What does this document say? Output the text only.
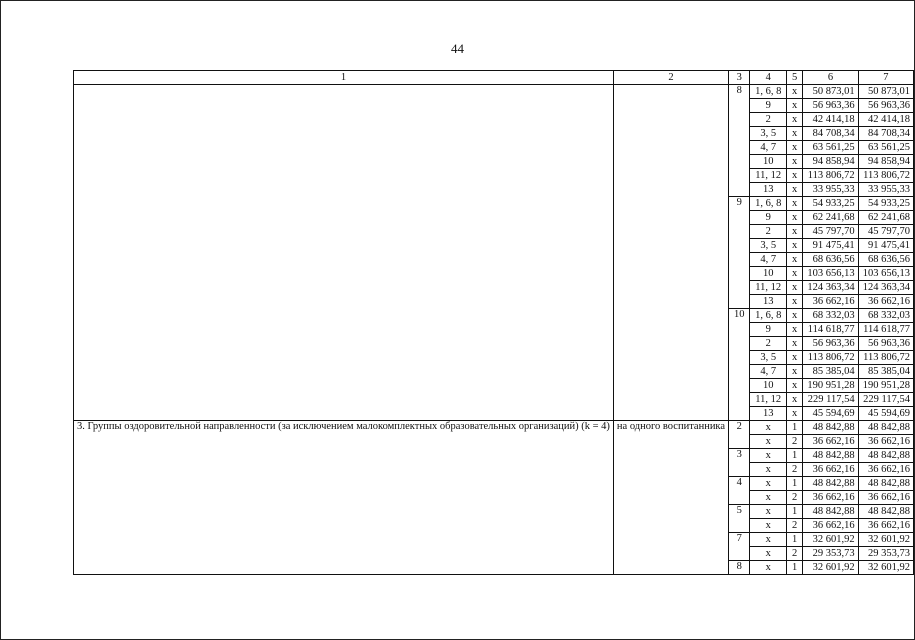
44
1	2	3	4	5	6	7
		8	1, 6, 8	х	50 873,01	50 873,01
			9	х	56 963,36	56 963,36
			2	х	42 414,18	42 414,18
			3, 5	х	84 708,34	84 708,34
			4, 7	х	63 561,25	63 561,25
			10	х	94 858,94	94 858,94
			11, 12	х	113 806,72	113 806,72
			13	х	33 955,33	33 955,33
		9	1, 6, 8	х	54 933,25	54 933,25
			9	х	62 241,68	62 241,68
			2	х	45 797,70	45 797,70
			3, 5	х	91 475,41	91 475,41
			4, 7	х	68 636,56	68 636,56
			10	х	103 656,13	103 656,13
			11, 12	х	124 363,34	124 363,34
			13	х	36 662,16	36 662,16
		10	1, 6, 8	х	68 332,03	68 332,03
			9	х	114 618,77	114 618,77
			2	х	56 963,36	56 963,36
			3, 5	х	113 806,72	113 806,72
			4, 7	х	85 385,04	85 385,04
			10	х	190 951,28	190 951,28
			11, 12	х	229 117,54	229 117,54
			13	х	45 594,69	45 594,69
3. Группы оздоровительной направленности (за исключением малокомплектных образовательных организаций) (k = 4)	на одного воспитанника	2	х	1	48 842,88	48 842,88
			х	2	36 662,16	36 662,16
		3	х	1	48 842,88	48 842,88
			х	2	36 662,16	36 662,16
		4	х	1	48 842,88	48 842,88
			х	2	36 662,16	36 662,16
		5	х	1	48 842,88	48 842,88
			х	2	36 662,16	36 662,16
		7	х	1	32 601,92	32 601,92
			х	2	29 353,73	29 353,73
		8	х	1	32 601,92	32 601,92
